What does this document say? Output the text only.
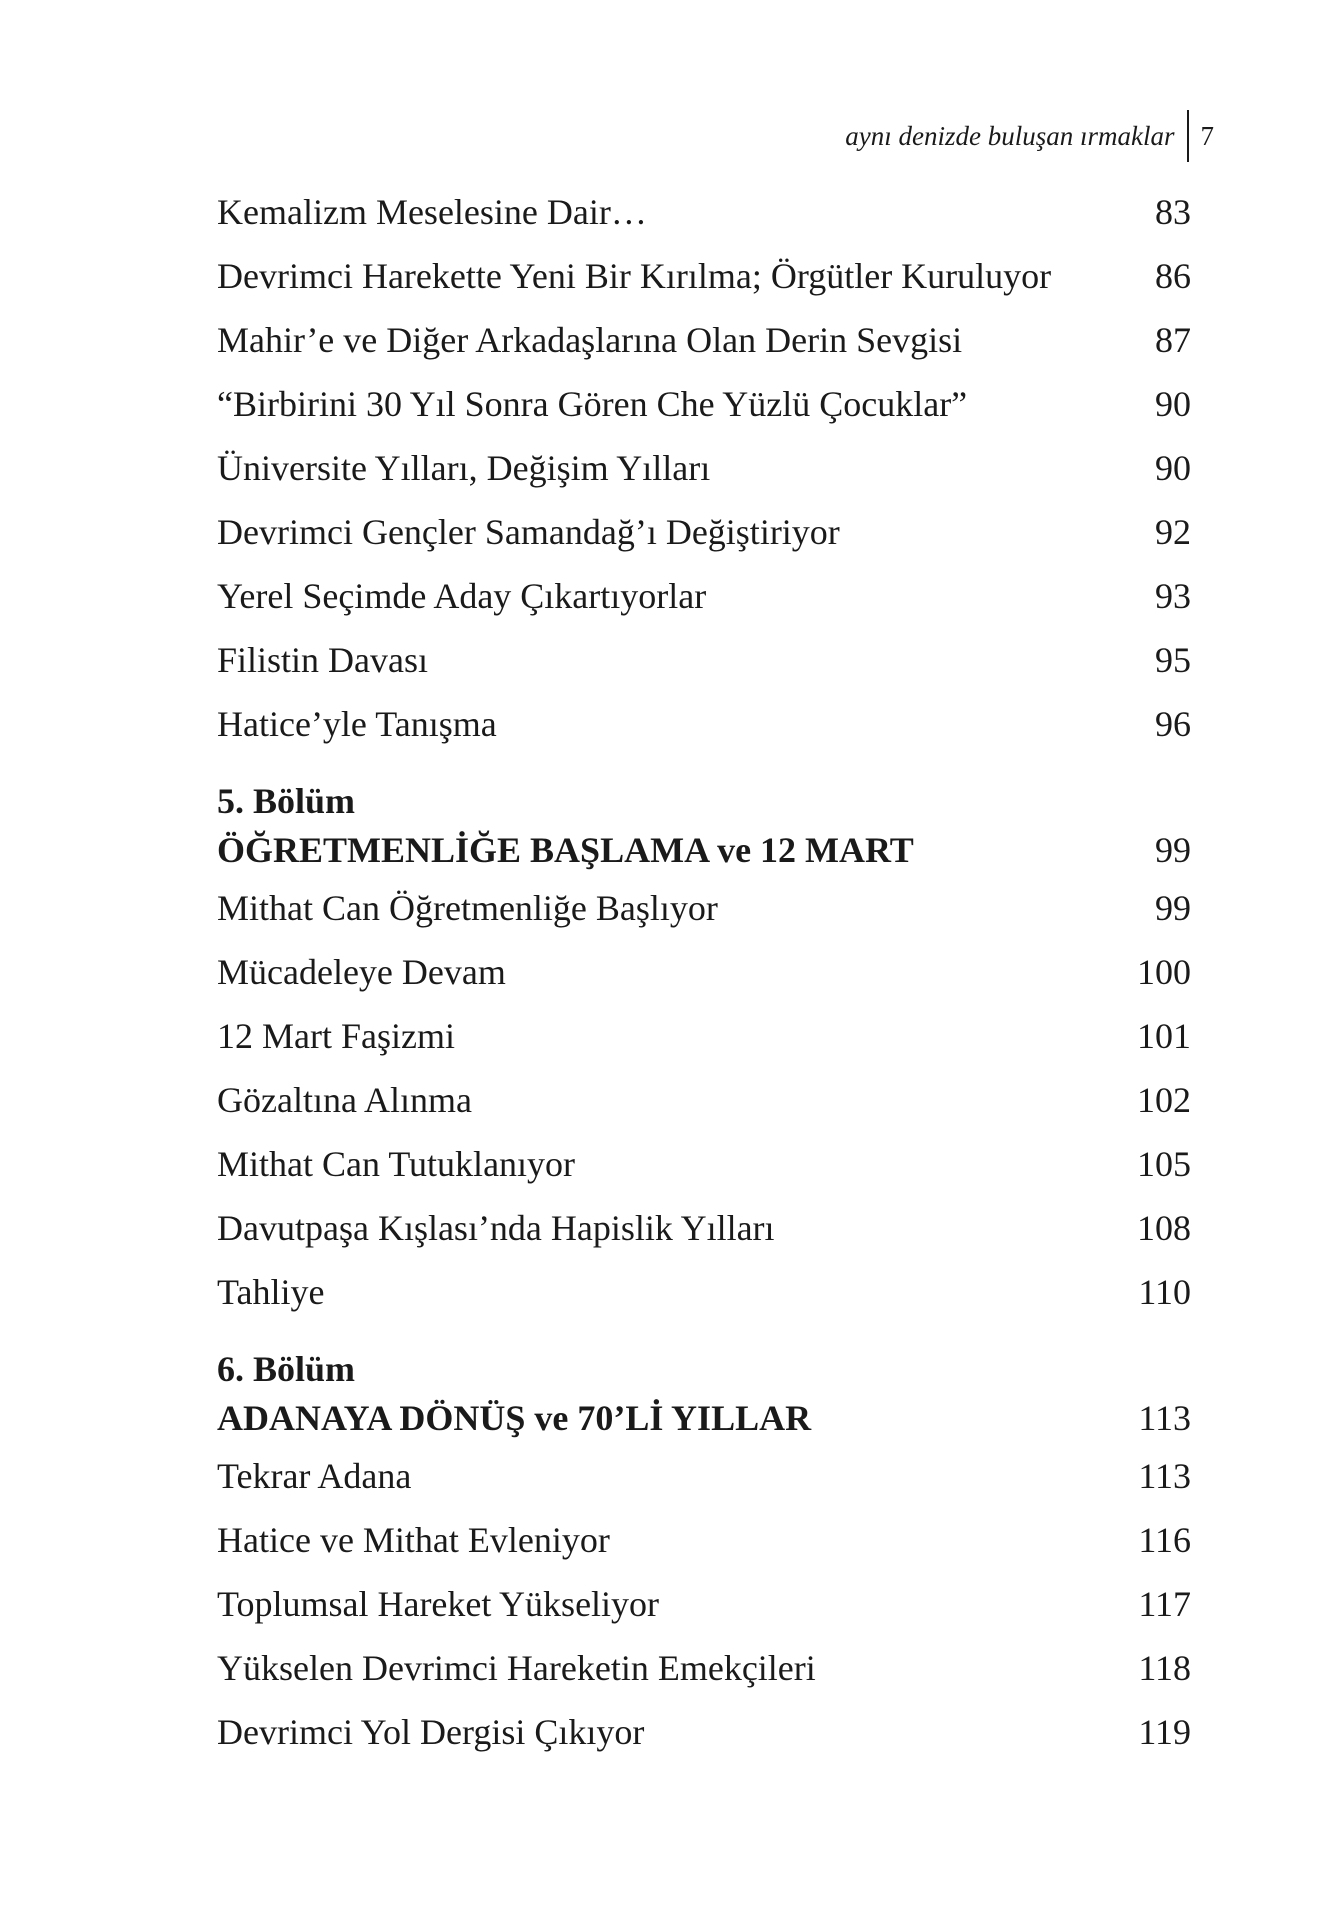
aynı denizde buluşan ırmaklar 7
Kemalizm Meselesine Dair…	83
Devrimci Harekette Yeni Bir Kırılma; Örgütler Kuruluyor	86
Mahir’e ve Diğer Arkadaşlarına Olan Derin Sevgisi	87
“Birbirini 30 Yıl Sonra Gören Che Yüzlü Çocuklar”	90
Üniversite Yılları, Değişim Yılları	90
Devrimci Gençler Samandağ’ı Değiştiriyor	92
Yerel Seçimde Aday Çıkartıyorlar	93
Filistin Davası	95
Hatice’yle Tanışma	96
5. Bölüm
ÖĞRETMENLİĞE BAŞLAMA ve 12 MART	99
Mithat Can Öğretmenliğe Başlıyor	99
Mücadeleye Devam	100
12 Mart Faşizmi	101
Gözaltına Alınma	102
Mithat Can Tutuklanıyor	105
Davutpaşa Kışlası’nda Hapislik Yılları	108
Tahliye	110
6. Bölüm
ADANAYA DÖNÜŞ ve 70’Lİ YILLAR	113
Tekrar Adana	113
Hatice ve Mithat Evleniyor	116
Toplumsal Hareket Yükseliyor	117
Yükselen Devrimci Hareketin Emekçileri	118
Devrimci Yol Dergisi Çıkıyor	119
